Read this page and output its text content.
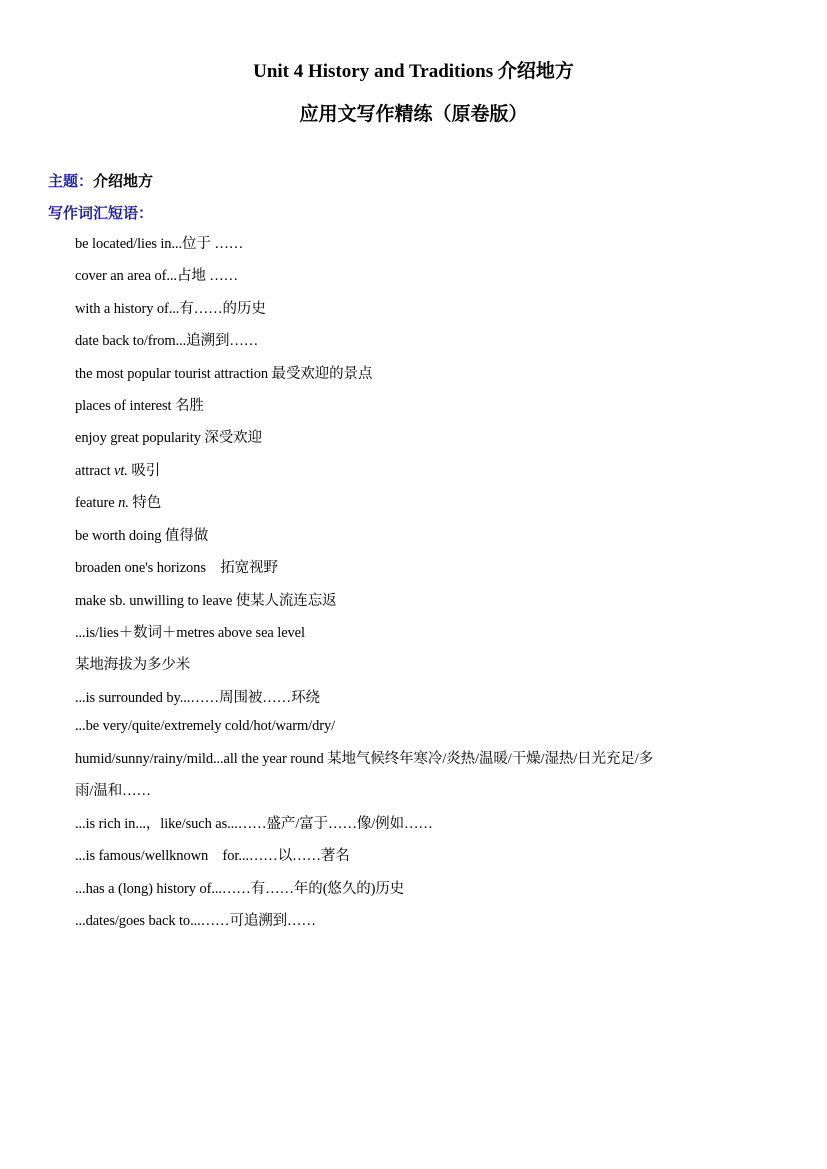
Unit 4 History and Traditions 介绍地方
应用文写作精练（原卷版）
主题：介绍地方
写作词汇短语：
be located/lies in...位于 ……
cover an area of...占地 ……
with a history of...有……的历史
date back to/from...追溯到……
the most popular tourist attraction 最受欢迎的景点
places of interest 名胜
enjoy great popularity 深受欢迎
attract vt. 吸引
feature n. 特色
be worth doing 值得做
broaden one's horizons　拓宽视野
make sb. unwilling to leave 使某人流连忘返
...is/lies＋数词＋metres above sea level
某地海拔为多少米
...is surrounded by...……周围被……环绕
...be very/quite/extremely cold/hot/warm/dry/
humid/sunny/rainy/mild...all the year round 某地气候终年寒冷/炎热/温暖/干燥/湿热/日光充足/多
雨/温和……
...is rich in...，like/such as...……盛产/富于……像/例如……
...is famous/wellknown　for...……以……著名
...has a (long) history of...……有……年的(悠久的)历史
...dates/goes back to...……可追溯到……
